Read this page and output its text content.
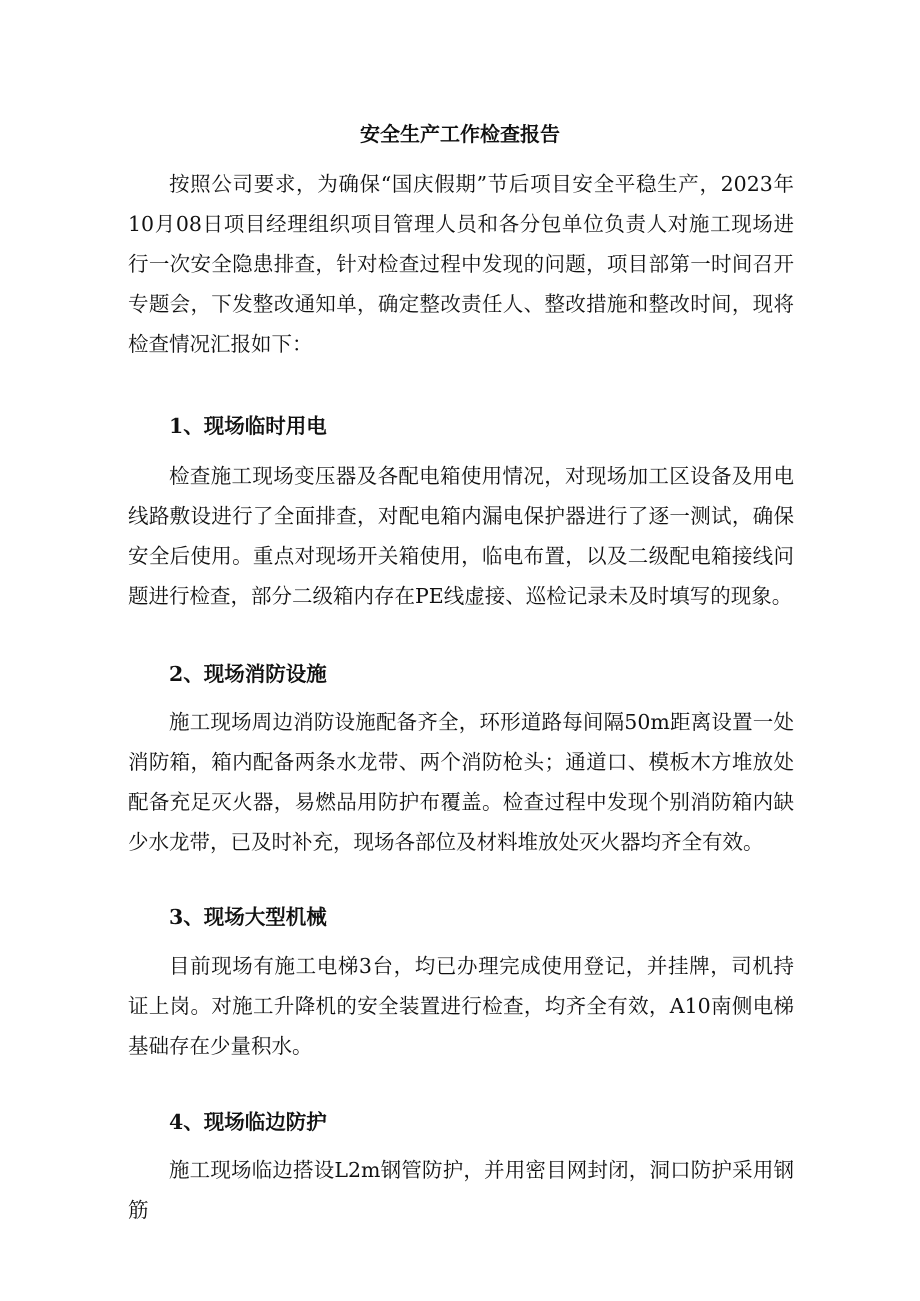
安全生产工作检查报告

按照公司要求，为确保“国庆假期”节后项目安全平稳生产，2023年10月08日项目经理组织项目管理人员和各分包单位负责人对施工现场进行一次安全隐患排查，针对检查过程中发现的问题，项目部第一时间召开专题会，下发整改通知单，确定整改责任人、整改措施和整改时间，现将检查情况汇报如下：

1、现场临时用电

检查施工现场变压器及各配电箱使用情况，对现场加工区设备及用电线路敷设进行了全面排查，对配电箱内漏电保护器进行了逐一测试，确保安全后使用。重点对现场开关箱使用，临电布置，以及二级配电箱接线问题进行检查，部分二级箱内存在PE线虚接、巡检记录未及时填写的现象。

2、现场消防设施

施工现场周边消防设施配备齐全，环形道路每间隔50m距离设置一处消防箱，箱内配备两条水龙带、两个消防枪头；通道口、模板木方堆放处配备充足灭火器，易燃品用防护布覆盖。检查过程中发现个别消防箱内缺少水龙带，已及时补充，现场各部位及材料堆放处灭火器均齐全有效。

3、现场大型机械

目前现场有施工电梯3台，均已办理完成使用登记，并挂牌，司机持证上岗。对施工升降机的安全装置进行检查，均齐全有效，A10南侧电梯基础存在少量积水。

4、现场临边防护

施工现场临边搭设L2m钢管防护，并用密目网封闭，洞口防护采用钢筋
